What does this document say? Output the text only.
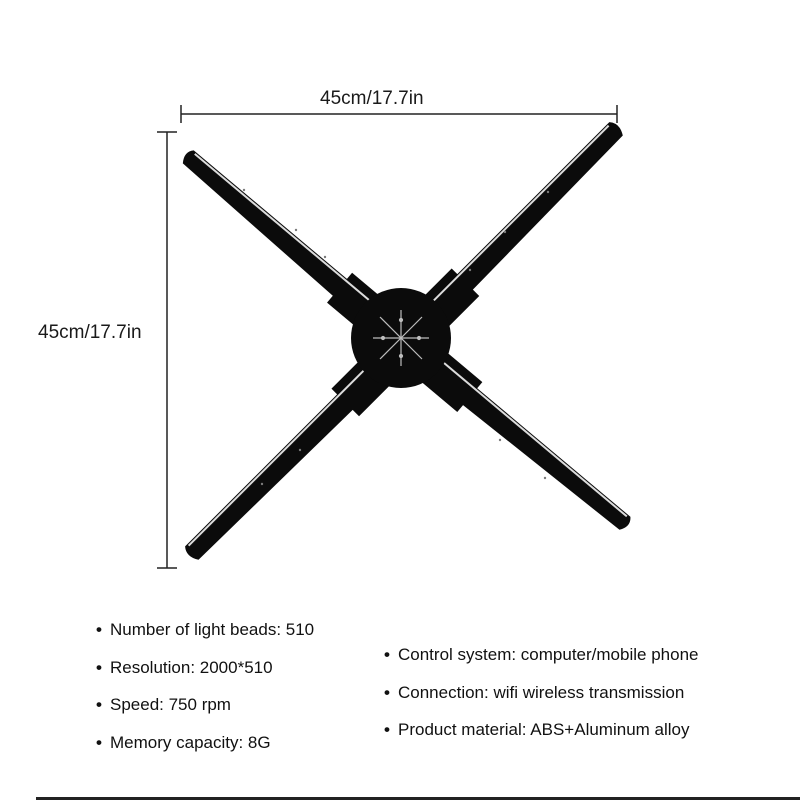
45cm/17.7in
45cm/17.7in
• Number of light beads: 510
• Resolution: 2000*510
• Speed: 750 rpm
• Memory capacity: 8G
• Control system: computer/mobile phone
• Connection: wifi wireless transmission
• Product material: ABS+Aluminum alloy
